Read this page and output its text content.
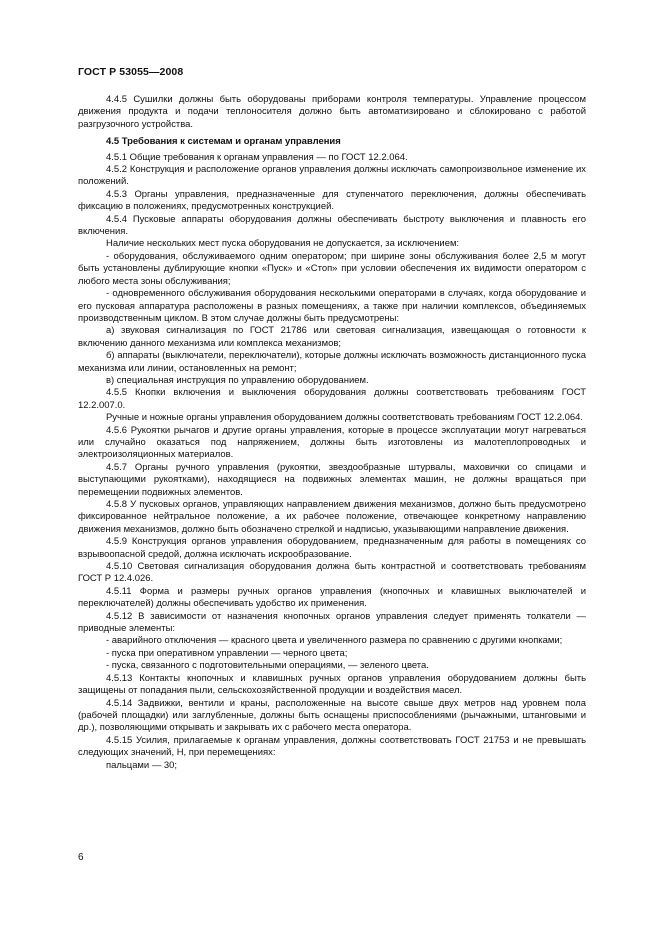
ГОСТ Р 53055—2008

4.4.5 Сушилки должны быть оборудованы приборами контроля температуры. Управление процессом движения продукта и подачи теплоносителя должно быть автоматизировано и сблокировано с работой разгрузочного устройства.

4.5 Требования к системам и органам управления

4.5.1 Общие требования к органам управления — по ГОСТ 12.2.064.

4.5.2 Конструкция и расположение органов управления должны исключать самопроизвольное изменение их положений.

4.5.3 Органы управления, предназначенные для ступенчатого переключения, должны обеспечивать фиксацию в положениях, предусмотренных конструкцией.

4.5.4 Пусковые аппараты оборудования должны обеспечивать быстроту выключения и плавность его включения.

Наличие нескольких мест пуска оборудования не допускается, за исключением:

- оборудования, обслуживаемого одним оператором; при ширине зоны обслуживания более 2,5 м могут быть установлены дублирующие кнопки «Пуск» и «Стоп» при условии обеспечения их видимости оператором с любого места зоны обслуживания;

- одновременного обслуживания оборудования несколькими операторами в случаях, когда оборудование и его пусковая аппаратура расположены в разных помещениях, а также при наличии комплексов, объединяемых производственным циклом. В этом случае должны быть предусмотрены:

а) звуковая сигнализация по ГОСТ 21786 или световая сигнализация, извещающая о готовности к включению данного механизма или комплекса механизмов;

б) аппараты (выключатели, переключатели), которые должны исключать возможность дистанционного пуска механизма или линии, остановленных на ремонт;

в) специальная инструкция по управлению оборудованием.

4.5.5 Кнопки включения и выключения оборудования должны соответствовать требованиям ГОСТ 12.2.007.0.

Ручные и ножные органы управления оборудованием должны соответствовать требованиям ГОСТ 12.2.064.

4.5.6 Рукоятки рычагов и другие органы управления, которые в процессе эксплуатации могут нагреваться или случайно оказаться под напряжением, должны быть изготовлены из малотеплопроводных и электроизоляционных материалов.

4.5.7 Органы ручного управления (рукоятки, звездообразные штурвалы, маховички со спицами и выступающими рукоятками), находящиеся на подвижных элементах машин, не должны вращаться при перемещении подвижных элементов.

4.5.8 У пусковых органов, управляющих направлением движения механизмов, должно быть предусмотрено фиксированное нейтральное положение, а их рабочее положение, отвечающее конкретному направлению движения механизмов, должно быть обозначено стрелкой и надписью, указывающими направление движения.

4.5.9 Конструкция органов управления оборудованием, предназначенным для работы в помещениях со взрывоопасной средой, должна исключать искрообразование.

4.5.10 Световая сигнализация оборудования должна быть контрастной и соответствовать требованиям ГОСТ Р 12.4.026.

4.5.11 Форма и размеры ручных органов управления (кнопочных и клавишных выключателей и переключателей) должны обеспечивать удобство их применения.

4.5.12 В зависимости от назначения кнопочных органов управления следует применять толкатели — приводные элементы:

- аварийного отключения — красного цвета и увеличенного размера по сравнению с другими кнопками;

- пуска при оперативном управлении — черного цвета;

- пуска, связанного с подготовительными операциями, — зеленого цвета.

4.5.13 Контакты кнопочных и клавишных ручных органов управления оборудованием должны быть защищены от попадания пыли, сельскохозяйственной продукции и воздействия масел.

4.5.14 Задвижки, вентили и краны, расположенные на высоте свыше двух метров над уровнем пола (рабочей площадки) или заглубленные, должны быть оснащены приспособлениями (рычажными, штанговыми и др.), позволяющими открывать и закрывать их с рабочего места оператора.

4.5.15 Усилия, прилагаемые к органам управления, должны соответствовать ГОСТ 21753 и не превышать следующих значений, Н, при перемещениях:

пальцами — 30;

6
